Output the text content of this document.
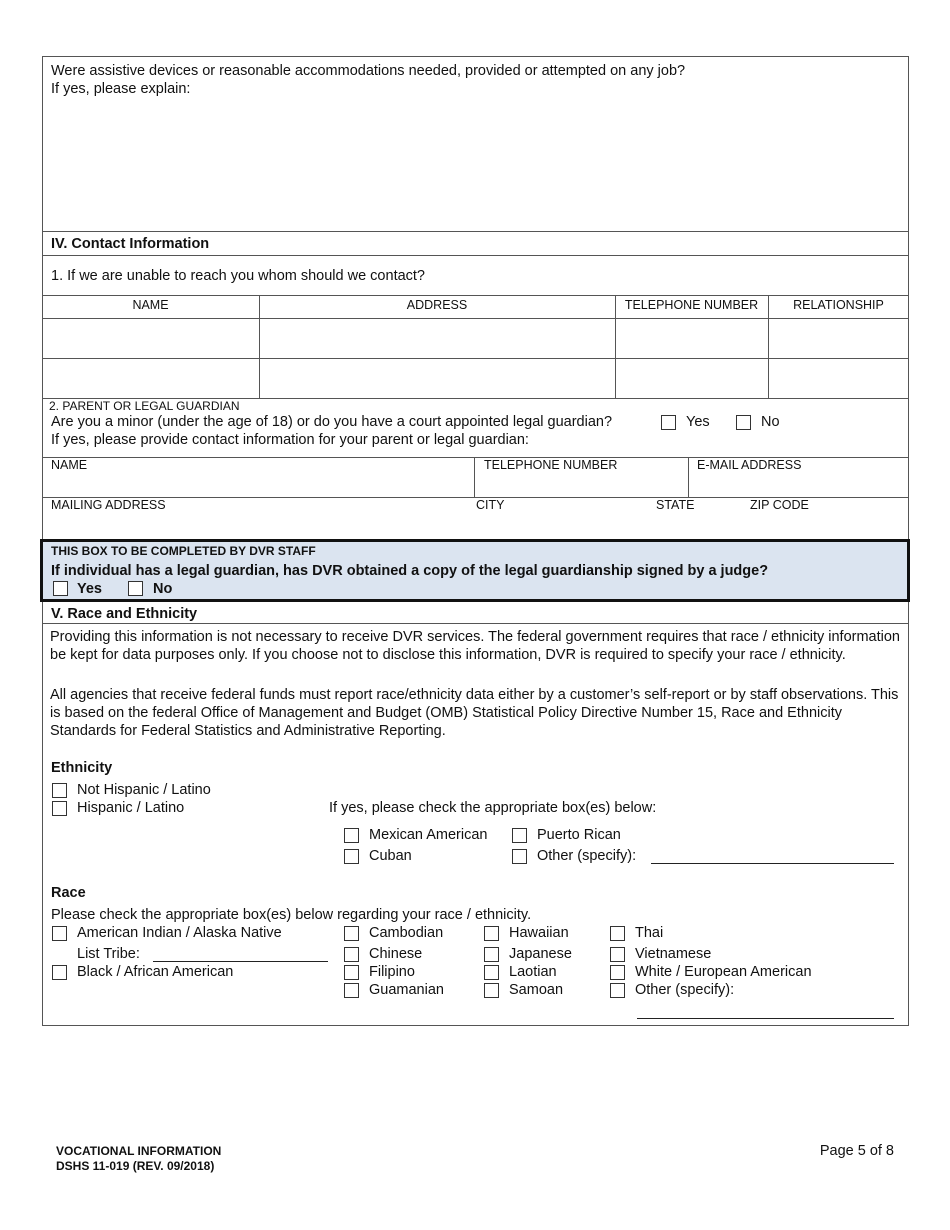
Were assistive devices or reasonable accommodations needed, provided or attempted on any job?
If yes, please explain:
IV. Contact Information
1. If we are unable to reach you whom should we contact?
NAME	ADDRESS	TELEPHONE NUMBER	RELATIONSHIP
2. PARENT OR LEGAL GUARDIAN
Are you a minor (under the age of 18) or do you have a court appointed legal guardian?	Yes	No
If yes, please provide contact information for your parent or legal guardian:
NAME	TELEPHONE NUMBER	E-MAIL ADDRESS
MAILING ADDRESS	CITY	STATE	ZIP CODE
THIS BOX TO BE COMPLETED BY DVR STAFF
If individual has a legal guardian, has DVR obtained a copy of the legal guardianship signed by a judge?
Yes	No
V. Race and Ethnicity
Providing this information is not necessary to receive DVR services. The federal government requires that race / ethnicity information be kept for data purposes only. If you choose not to disclose this information, DVR is required to specify your race / ethnicity.
All agencies that receive federal funds must report race/ethnicity data either by a customer’s self-report or by staff observations. This is based on the federal Office of Management and Budget (OMB) Statistical Policy Directive Number 15, Race and Ethnicity Standards for Federal Statistics and Administrative Reporting.
Ethnicity
Not Hispanic / Latino
Hispanic / Latino	If yes, please check the appropriate box(es) below:
Mexican American	Puerto Rican
Cuban	Other (specify):
Race
Please check the appropriate box(es) below regarding your race / ethnicity.
American Indian / Alaska Native
List Tribe:
Black / African American
Cambodian
Chinese
Filipino
Guamanian
Hawaiian
Japanese
Laotian
Samoan
Thai
Vietnamese
White / European American
Other (specify):
VOCATIONAL INFORMATION
DSHS 11-019 (REV. 09/2018)
Page 5 of 8
